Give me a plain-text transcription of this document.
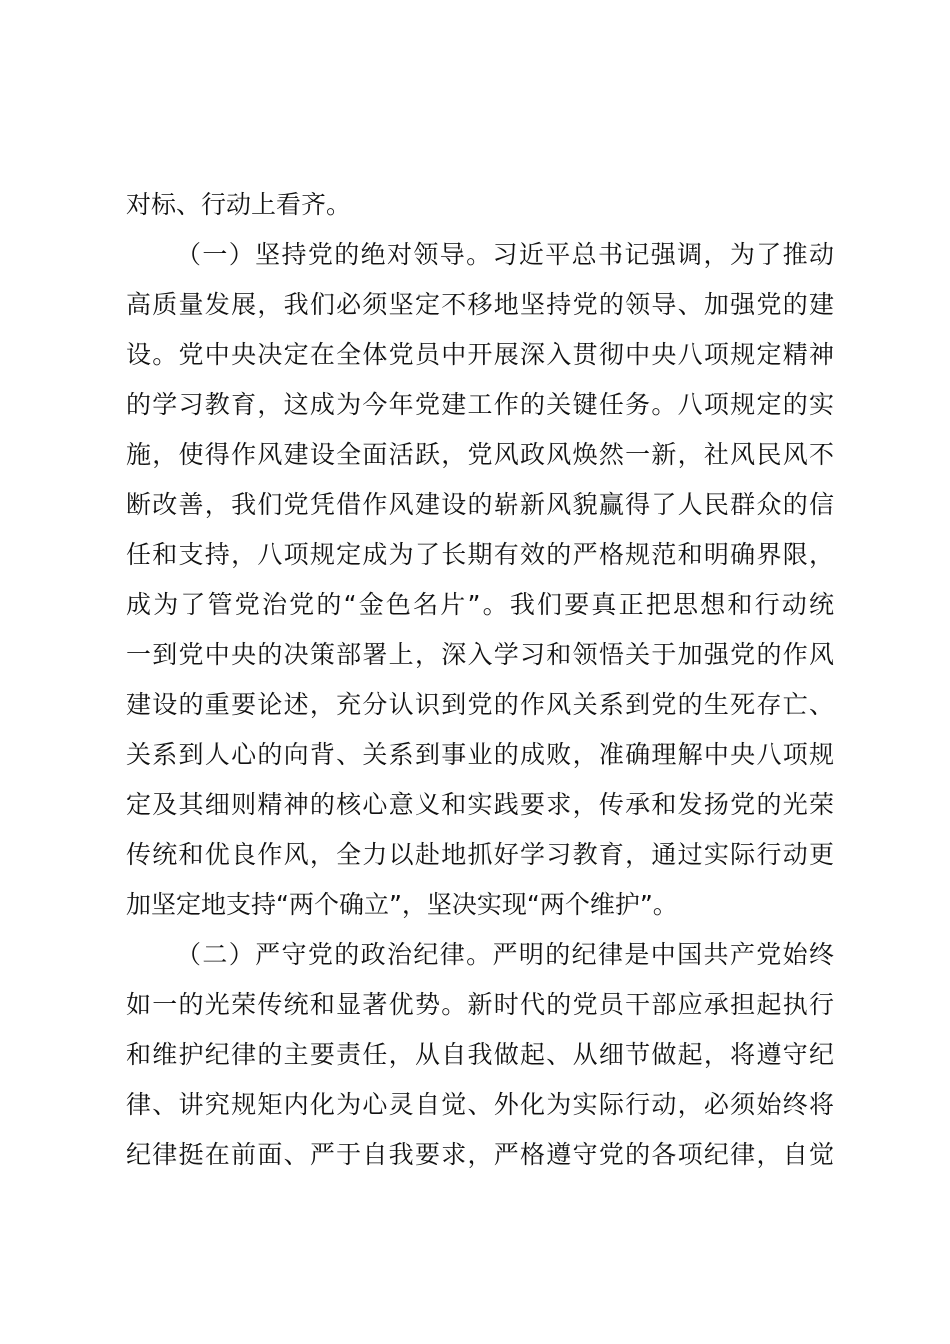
对标、行动上看齐。
（一）坚持党的绝对领导。习近平总书记强调，为了推动
高质量发展，我们必须坚定不移地坚持党的领导、加强党的建
设。党中央决定在全体党员中开展深入贯彻中央八项规定精神
的学习教育，这成为今年党建工作的关键任务。八项规定的实
施，使得作风建设全面活跃，党风政风焕然一新，社风民风不
断改善，我们党凭借作风建设的崭新风貌赢得了人民群众的信
任和支持，八项规定成为了长期有效的严格规范和明确界限，
成为了管党治党的“金色名片”。我们要真正把思想和行动统
一到党中央的决策部署上，深入学习和领悟关于加强党的作风
建设的重要论述，充分认识到党的作风关系到党的生死存亡、
关系到人心的向背、关系到事业的成败，准确理解中央八项规
定及其细则精神的核心意义和实践要求，传承和发扬党的光荣
传统和优良作风，全力以赴地抓好学习教育，通过实际行动更
加坚定地支持“两个确立”，坚决实现“两个维护”。
（二）严守党的政治纪律。严明的纪律是中国共产党始终
如一的光荣传统和显著优势。新时代的党员干部应承担起执行
和维护纪律的主要责任，从自我做起、从细节做起，将遵守纪
律、讲究规矩内化为心灵自觉、外化为实际行动，必须始终将
纪律挺在前面、严于自我要求，严格遵守党的各项纪律，自觉
